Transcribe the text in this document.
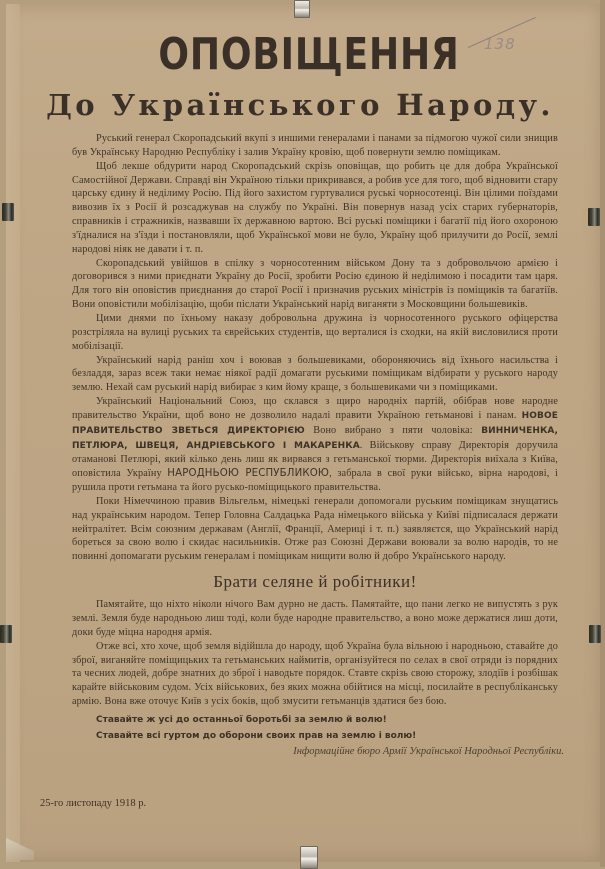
138
ОПОВІЩЕННЯ
До Українського Народу.

Руський генерал Скоропадський вкупі з иншими генералами і панами за підмогою чужої сили знищив був Українську Народню Республіку і залив Україну кровію, щоб повернути землю поміщикам.

Щоб лекше обдурити народ Скоропадський скрізь оповіщав, що робить це для добра Української Самостійної Держави. Справді він Україною тільки прикривався, а робив усе для того, щоб відновити стару царську єдину й неділиму Росію. Під його захистом гуртувалися руські чорносотенці. Він цілими поїздами вивозив їх з Росії й розсаджував на службу по Україні. Він повернув назад усіх старих губернаторів, справників і стражників, назвавши їх державною вартою. Всі руські поміщики і багатії під його охороною з'їдналися на з'їзди і постановляли, щоб Української мови не було, Україну щоб прилучити до Росії, землі народові ніяк не давати і т. п.

Скоропадський увійшов в спілку з чорносотенним військом Дону та з добровольчою армією і договорився з ними приєднати Україну до Росії, зробити Росію єдиною й неділимою і посадити там царя. Для того він оповістив приєднання до старої Росії і призначив руських міністрів із поміщиків та багатіїв. Вони оповістили мобілізацію, щоби післати Український нарід виганяти з Московщини большевиків.

Цими днями по їхньому наказу добровольна дружина із чорносотенного руського офіцерства розстріляла на вулиці руських та єврейських студентів, що верталися із сходки, на якій висловилися проти мобілізації.

Український нарід раніш хоч і воював з большевиками, обороняючись від їхнього насильства і безладдя, зараз всеж таки немає ніякої радії домагати руськими поміщикам відбирати у руського народу землю. Нехай сам руський нарід вибирає з ким йому краще, з большевиками чи з поміщиками.

Український Національний Союз, що склався з щиро народніх партій, обібрав нове народне правительство України, щоб воно не дозволило надалі правити Україною гетьманові і панам. НОВОЕ ПРАВИТЕЛЬСТВО ЗВЕТЬСЯ ДИРЕКТОРІЄЮ Воно вибрано з пяти чоловіка: ВИННИЧЕНКА, ПЕТЛЮРА, ШВЕЦЯ, АНДРІЕВСЬКОГО І МАКАРЕНКА. Військову справу Директорія доручила отаманові Петлюрі, який кілько день лиш як вирвався з гетьманської тюрми. Директорія виїхала з Київа, оповістила Україну НАРОДНЬОЮ РЕСПУБЛИКОЮ, забрала в свої руки військо, вірна народові, і рушила проти гетьмана та його русько-поміщицького правительства.

Поки Німеччиною правив Вільгельм, німецькі генерали допомогали руським поміщикам знущатись над українським народом. Тепер Головна Салдацька Рада німецького війська у Київі підписалася держати нейтралітет. Всім союзним державам (Англії, Франції, Америці і т. п.) заявляєтся, що Український нарід бореться за свою волю і скидає насильників. Отже раз Союзні Держави воювали за волю народів, то не повинні допомагати руським генералам і поміщикам нищити волю й добро Українського народу.

Брати селяне й робітники!

Памятайте, що ніхто ніколи нічого Вам дурно не дасть. Памятайте, що пани легко не випустять з рук землі. Земля буде народньою лиш тоді, коли буде народне правительство, а воно може держатися лиш доти, доки буде міцна народня армія.

Отже всі, хто хоче, щоб земля відійшла до народу, щоб Україна була вільною і народньою, ставайте до зброї, виганяйте поміщицьких та гетьманських наймитів, організуйтеся по селах в свої отряди із порядних та чесних людей, добре знатних до зброї і наводьте порядок. Ставте скрізь свою сторожу, злодіїв і розбішак карайте військовим судом. Усіх військових, без яких можна обійтися на місці, посилайте в республіканську армію. Вона вже оточує Київ з усіх боків, щоб змусити гетьманців здатися без бою.

Ставайте ж усі до останньої боротьбі за землю й волю!

Ставайте всі гуртом до оборони своих прав на землю і волю!

Інформаційне бюро Армії Української Народньої Республіки.
25-го листопаду 1918 р.
